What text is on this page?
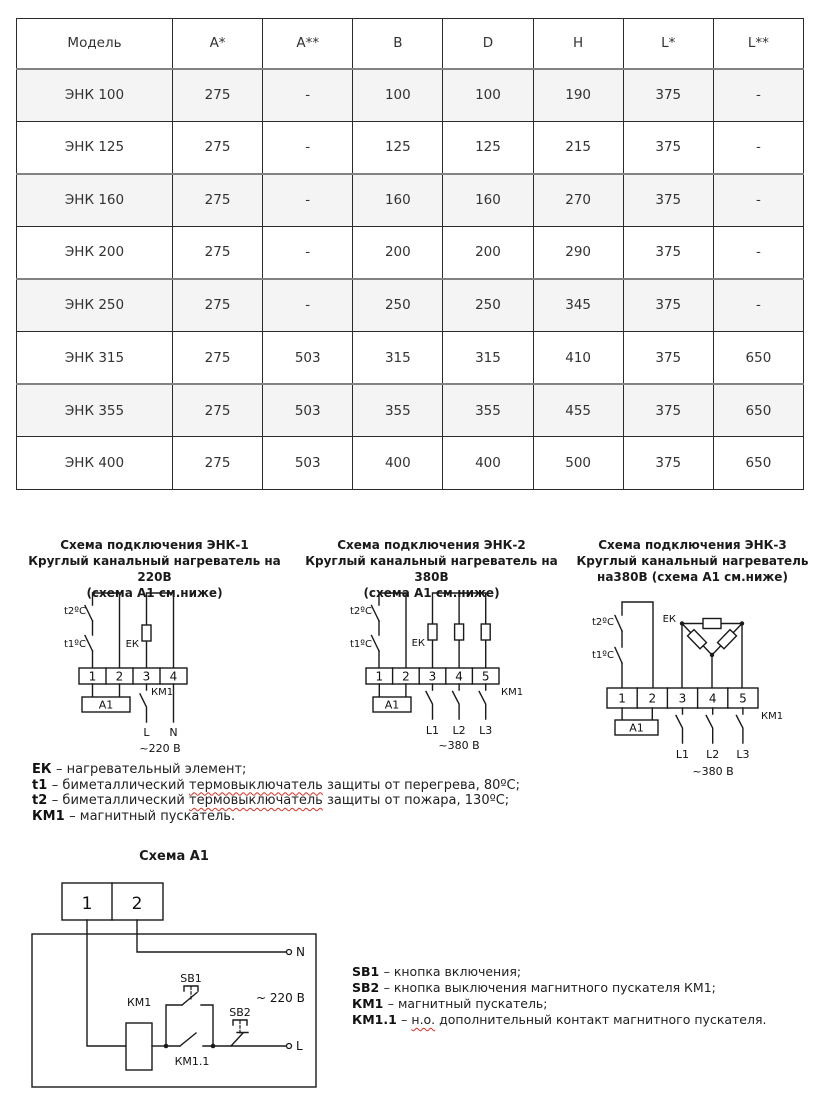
Модель	A*	A**	B	D	H	L*	L**
ЭНК 100	275	-	100	100	190	375	-
ЭНК 125	275	-	125	125	215	375	-
ЭНК 160	275	-	160	160	270	375	-
ЭНК 200	275	-	200	200	290	375	-
ЭНК 250	275	-	250	250	345	375	-
ЭНК 315	275	503	315	315	410	375	650
ЭНК 355	275	503	355	355	455	375	650
ЭНК 400	275	503	400	400	500	375	650
Схема подключения ЭНК-1
Круглый канальный нагреватель на 220В
(схема А1 см.ниже)
Схема подключения ЭНК-2
Круглый канальный нагреватель на 380В
(схема А1 см.ниже)
Схема подключения ЭНК-3
Круглый канальный нагреватель
на380В (схема А1 см.ниже)
t2ºC
t1ºC	ЕК
1 2 3 4
А1
КМ1
L N
~220 В
t2ºC
t1ºC	ЕК
1 2 3 4 5
А1
КМ1
L1 L2 L3
~380 В
t2ºC
t1ºC
ЕК
1 2 3 4 5
А1
КМ1
L1 L2 L3
~380 В
ЕК – нагревательный элемент;
t1 – биметаллический термовыключатель защиты от перегрева, 80ºС;
t2 – биметаллический термовыключатель защиты от пожара, 130ºС;
КМ1 – магнитный пускатель.
Схема А1
1 2
N
КМ1
КМ1.1
SB1
SB2
L
~ 220 В
SB1 – кнопка включения;
SB2 – кнопка выключения магнитного пускателя КМ1;
КМ1 – магнитный пускатель;
КМ1.1 – н.о. дополнительный контакт магнитного пускателя.
